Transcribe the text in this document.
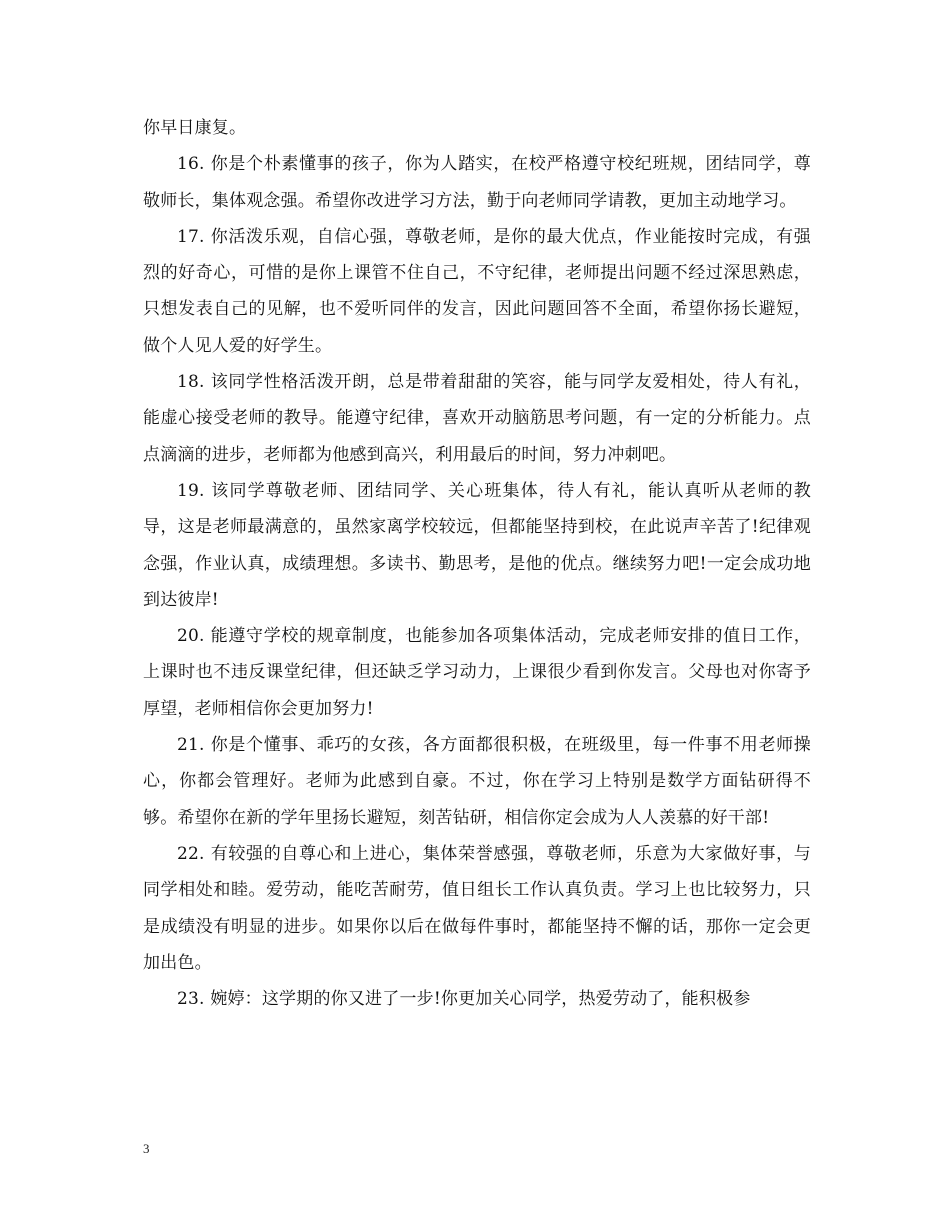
你早日康复。

16. 你是个朴素懂事的孩子，你为人踏实，在校严格遵守校纪班规，团结同学，尊敬师长，集体观念强。希望你改进学习方法，勤于向老师同学请教，更加主动地学习。

17. 你活泼乐观，自信心强，尊敬老师，是你的最大优点，作业能按时完成，有强烈的好奇心，可惜的是你上课管不住自己，不守纪律，老师提出问题不经过深思熟虑，只想发表自己的见解，也不爱听同伴的发言，因此问题回答不全面，希望你扬长避短，做个人见人爱的好学生。

18. 该同学性格活泼开朗，总是带着甜甜的笑容，能与同学友爱相处，待人有礼，能虚心接受老师的教导。能遵守纪律，喜欢开动脑筋思考问题，有一定的分析能力。点点滴滴的进步，老师都为他感到高兴，利用最后的时间，努力冲刺吧。

19. 该同学尊敬老师、团结同学、关心班集体，待人有礼，能认真听从老师的教导，这是老师最满意的，虽然家离学校较远，但都能坚持到校，在此说声辛苦了!纪律观念强，作业认真，成绩理想。多读书、勤思考，是他的优点。继续努力吧!一定会成功地到达彼岸!

20. 能遵守学校的规章制度，也能参加各项集体活动，完成老师安排的值日工作，上课时也不违反课堂纪律，但还缺乏学习动力，上课很少看到你发言。父母也对你寄予厚望，老师相信你会更加努力!

21. 你是个懂事、乖巧的女孩，各方面都很积极，在班级里，每一件事不用老师操心，你都会管理好。老师为此感到自豪。不过，你在学习上特别是数学方面钻研得不够。希望你在新的学年里扬长避短，刻苦钻研，相信你定会成为人人羡慕的好干部!

22. 有较强的自尊心和上进心，集体荣誉感强，尊敬老师，乐意为大家做好事，与同学相处和睦。爱劳动，能吃苦耐劳，值日组长工作认真负责。学习上也比较努力，只是成绩没有明显的进步。如果你以后在做每件事时，都能坚持不懈的话，那你一定会更加出色。

23. 婉婷：这学期的你又进了一步!你更加关心同学，热爱劳动了，能积极参

3
